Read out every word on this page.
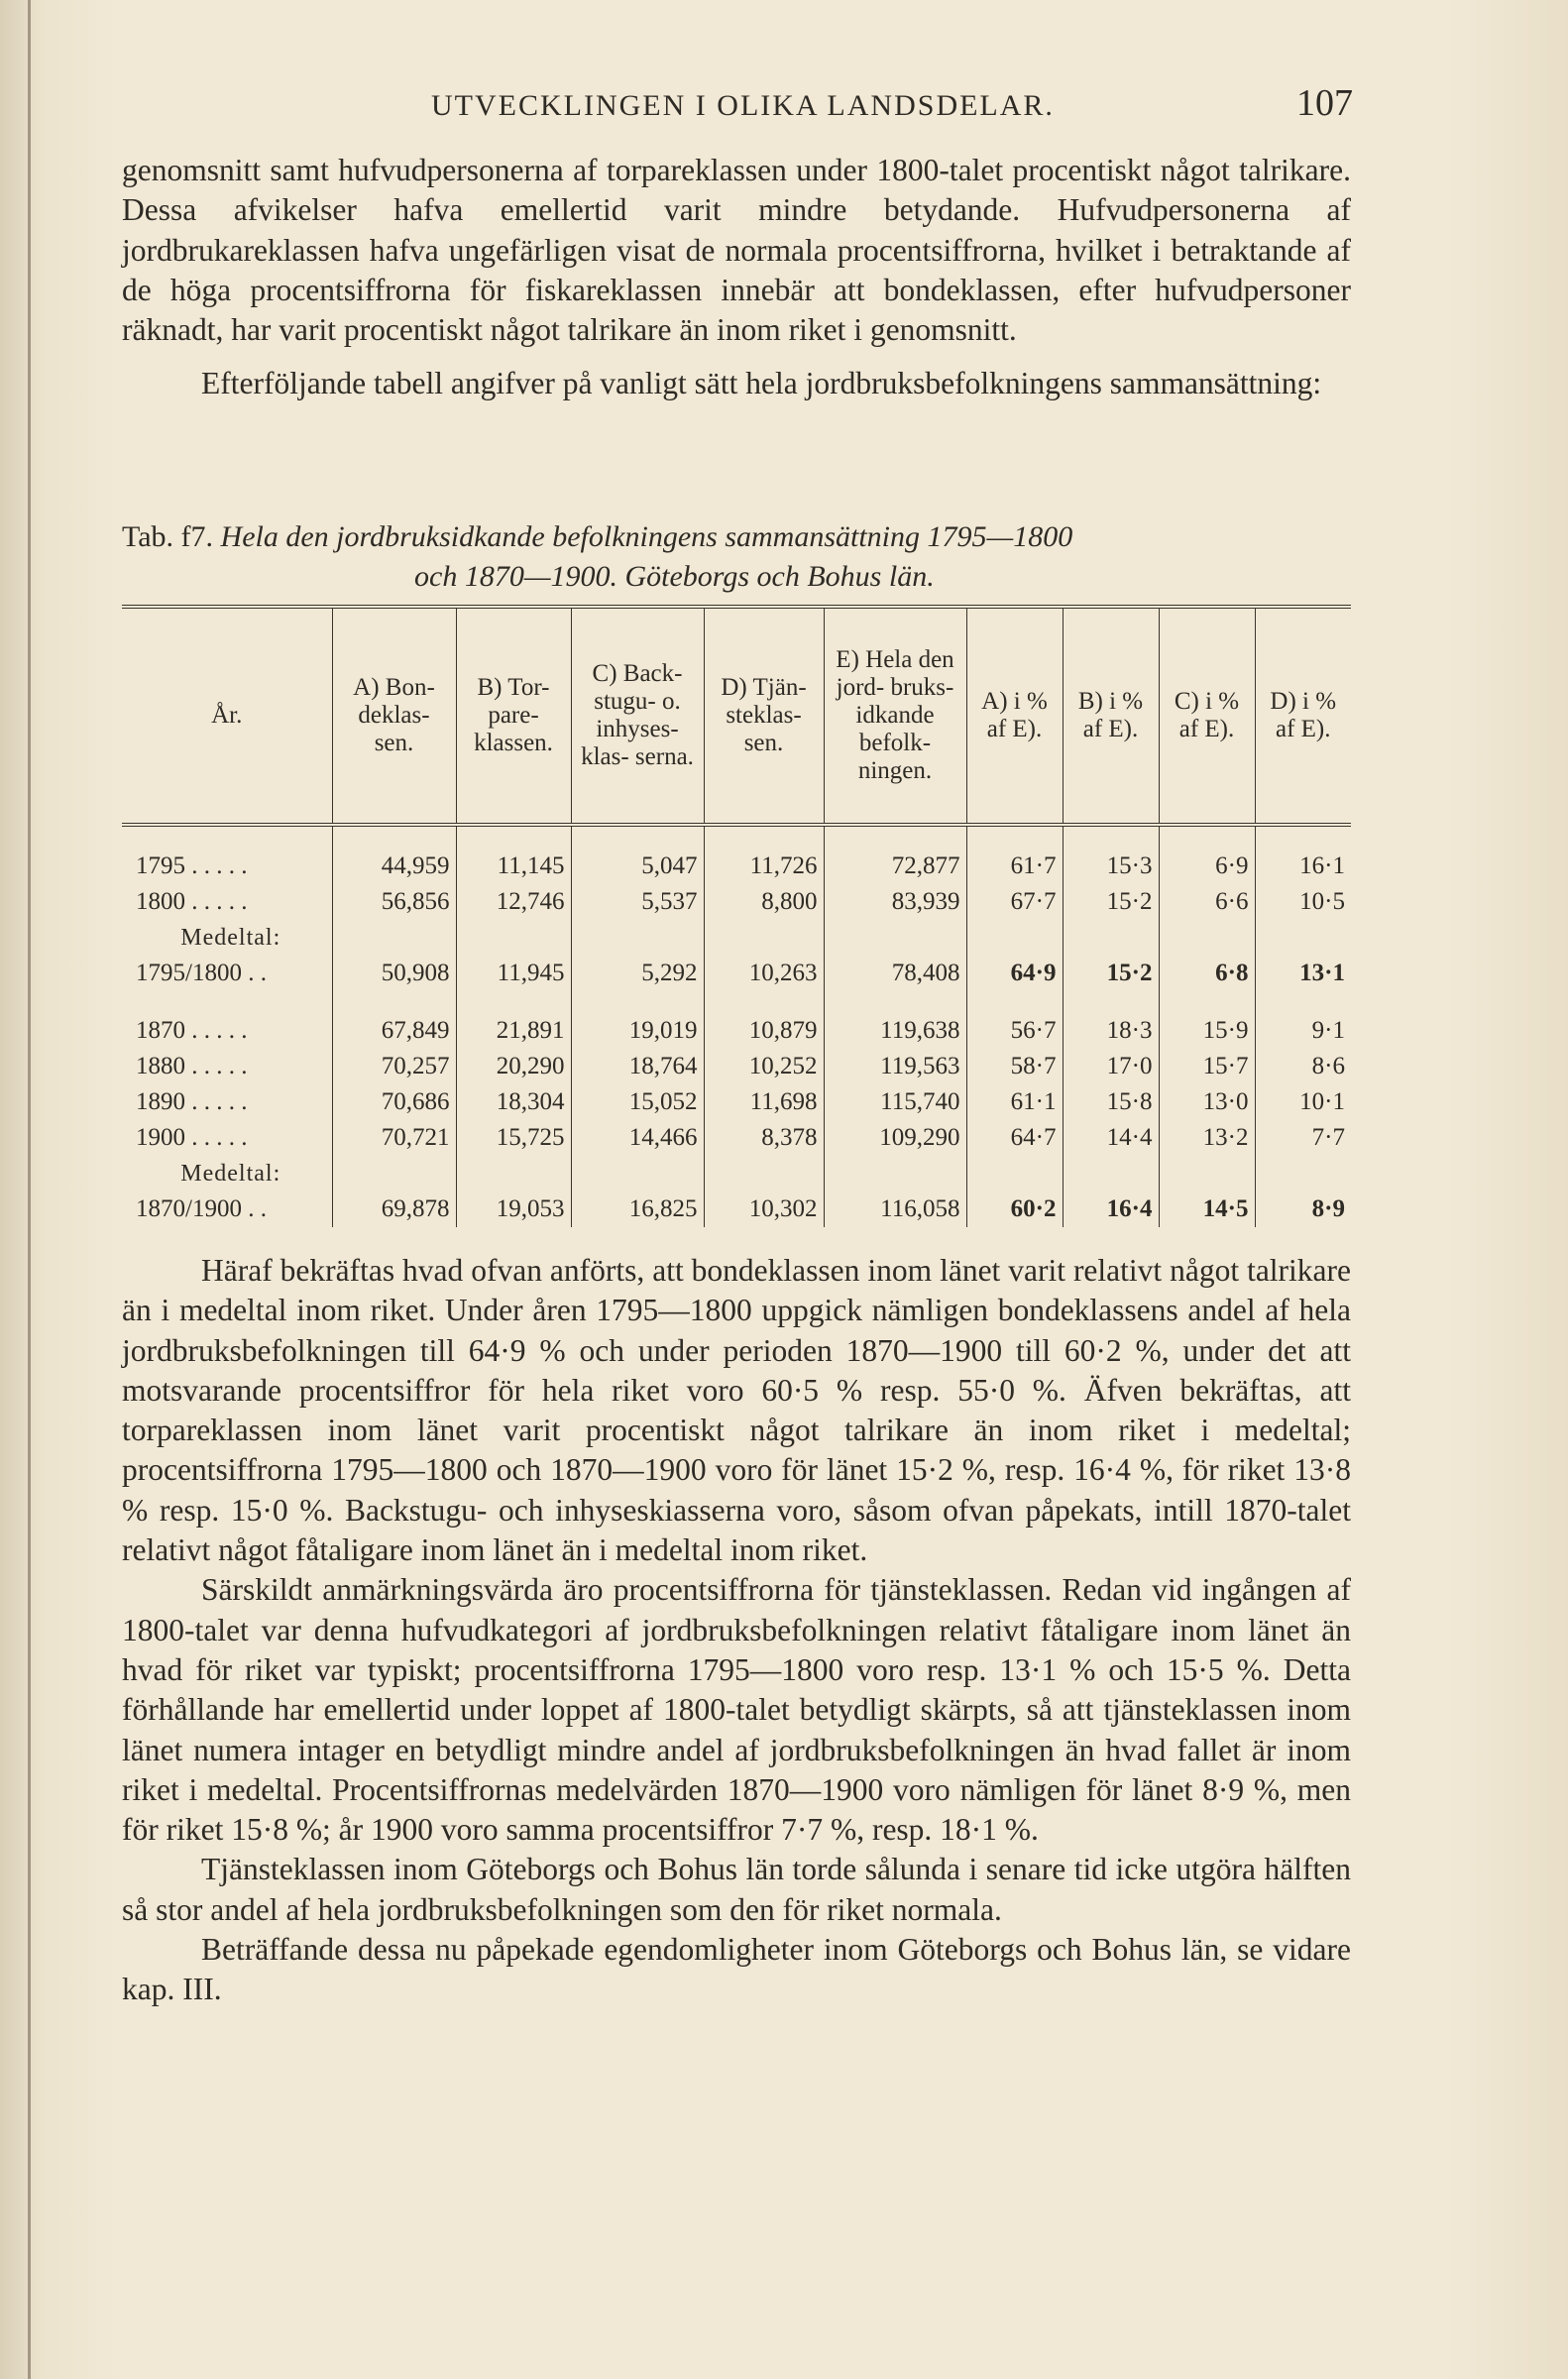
UTVECKLINGEN I OLIKA LANDSDELAR.	107

genomsnitt samt hufvudpersonerna af torpareklassen under 1800-talet procentiskt något talrikare. Dessa afvikelser hafva emellertid varit mindre betydande. Hufvudpersonerna af jordbrukareklassen hafva ungefärligen visat de normala procentsiffrorna, hvilket i betraktande af de höga procentsiffrorna för fiskareklassen innebär att bondeklassen, efter hufvudpersoner räknadt, har varit procentiskt något talrikare än inom riket i genomsnitt.

Efterföljande tabell angifver på vanligt sätt hela jordbruksbefolkningens sammansättning:

Tab. f7. Hela den jordbruksidkande befolkningens sammansättning 1795—1800
och 1870—1900. Göteborgs och Bohus län.
År.	A) Bon- deklas- sen.	B) Tor- pare- klassen.	C) Back- stugu- o. inhyses- klas- serna.	D) Tjän- steklas- sen.	E) Hela den jord- bruks- idkande befolk- ningen.	A) i % af E).	B) i % af E).	C) i % af E).	D) i % af E).

1795 . . . . .	44,959	11,145	5,047	11,726	72,877	61·7	15·3	6·9	16·1
1800 . . . . .	56,856	12,746	5,537	8,800	83,939	67·7	15·2	6·6	10·5
Medeltal:									
1795/1800 . .	50,908	11,945	5,292	10,263	78,408	64·9	15·2	6·8	13·1

1870 . . . . .	67,849	21,891	19,019	10,879	119,638	56·7	18·3	15·9	9·1
1880 . . . . .	70,257	20,290	18,764	10,252	119,563	58·7	17·0	15·7	8·6
1890 . . . . .	70,686	18,304	15,052	11,698	115,740	61·1	15·8	13·0	10·1
1900 . . . . .	70,721	15,725	14,466	8,378	109,290	64·7	14·4	13·2	7·7
Medeltal:									
1870/1900 . .	69,878	19,053	16,825	10,302	116,058	60·2	16·4	14·5	8·9

Häraf bekräftas hvad ofvan anförts, att bondeklassen inom länet varit relativt något talrikare än i medeltal inom riket. Under åren 1795—1800 uppgick nämligen bondeklassens andel af hela jordbruksbefolkningen till 64·9 % och under perioden 1870—1900 till 60·2 %, under det att motsvarande procentsiffror för hela riket voro 60·5 % resp. 55·0 %. Äfven bekräftas, att torpareklassen inom länet varit procentiskt något talrikare än inom riket i medeltal; procentsiffrorna 1795—1800 och 1870—1900 voro för länet 15·2 %, resp. 16·4 %, för riket 13·8 % resp. 15·0 %. Backstugu- och inhyseskiasserna voro, såsom ofvan påpekats, intill 1870-talet relativt något fåtaligare inom länet än i medeltal inom riket.

Särskildt anmärkningsvärda äro procentsiffrorna för tjänsteklassen. Redan vid ingången af 1800-talet var denna hufvudkategori af jordbruksbefolkningen relativt fåtaligare inom länet än hvad för riket var typiskt; procentsiffrorna 1795—1800 voro resp. 13·1 % och 15·5 %. Detta förhållande har emellertid under loppet af 1800-talet betydligt skärpts, så att tjänsteklassen inom länet numera intager en betydligt mindre andel af jordbruksbefolkningen än hvad fallet är inom riket i medeltal. Procentsiffrornas medelvärden 1870—1900 voro nämligen för länet 8·9 %, men för riket 15·8 %; år 1900 voro samma procentsiffror 7·7 %, resp. 18·1 %.

Tjänsteklassen inom Göteborgs och Bohus län torde sålunda i senare tid icke utgöra hälften så stor andel af hela jordbruksbefolkningen som den för riket normala.

Beträffande dessa nu påpekade egendomligheter inom Göteborgs och Bohus län, se vidare kap. III.
